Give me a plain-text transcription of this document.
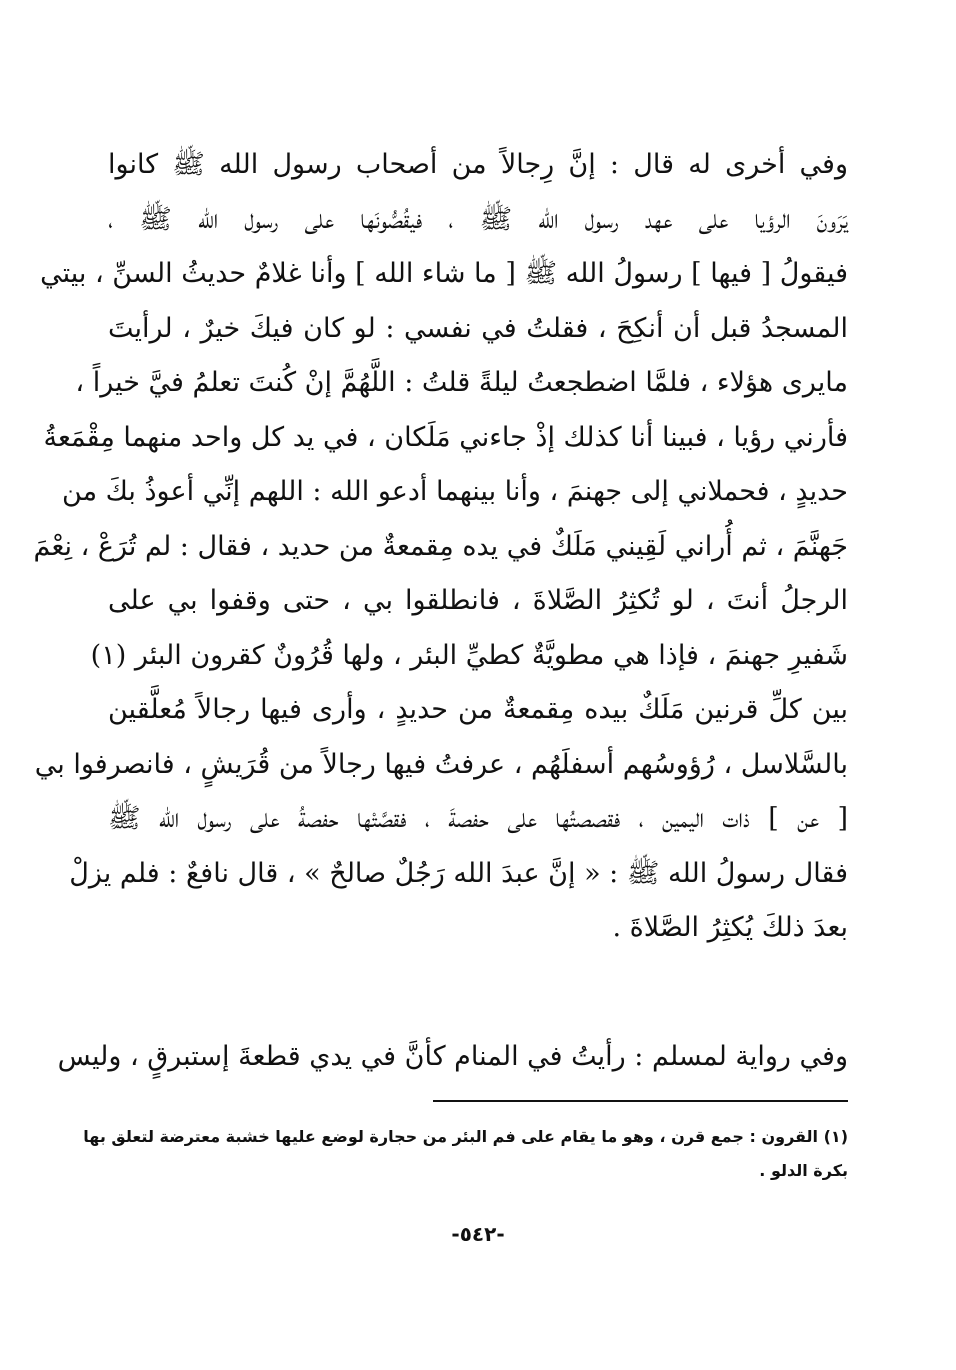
وفي أخرى له قال : إنَّ رِجالاً من أصحاب رسول الله ﷺ كانوا
يَرَونَ الرؤيا على عهد رسول الله ﷺ ، فيقُصُّونَها على رسول الله ﷺ ،
فيقولُ [ فيها ] رسولُ الله ﷺ [ ما شاء الله ] وأنا غلامٌ حديثُ السنِّ ، بيتي
المسجدُ قبل أن أنكِحَ ، فقلتُ في نفسي : لو كان فيكَ خيرٌ ، لرأيتَ
مايرى هؤلاء ، فلمَّا اضطجعتُ ليلةً قلتُ : اللَّهُمَّ إنْ كُنتَ تعلمُ فيَّ خيراً ،
فأرني رؤيا ، فبينا أنا كذلك إذْ جاءني مَلَكان ، في يد كل واحد منهما مِقْمَعةُ
حديدٍ ، فحملاني إلى جهنمَ ، وأنا بينهما أدعو الله : اللهم إنِّي أعوذُ بكَ من
جَهنَّمَ ، ثم أُراني لَقِيني مَلَكٌ في يده مِقمعةٌ من حديد ، فقال : لم تُرَعْ ، نِعْمَ
الرجلُ أنتَ ، لو تُكثِرُ الصَّلاةَ ، فانطلقوا بي ، حتى وقفوا بي على
شَفيرِ جهنمَ ، فإذا هي مطويَّةٌ كطيِّ البئر ، ولها قُرُونٌ كقرون البئر (١)
بين كلِّ قرنين مَلَكٌ بيده مِقمعةٌ من حديدٍ ، وأرى فيها رجالاً مُعلَّقين
بالسَّلاسل ، رُؤوسُهم أسفلَهُم ، عرفتُ فيها رجالاً من قُرَيشٍ ، فانصرفوا بي
[ عن ] ذات اليمين ، فقصصتُها على حفصةَ ، فقصَّتْها حفصةُ على رسول الله ﷺ
فقال رسولُ الله ﷺ : « إنَّ عبدَ الله رَجُلٌ صالحٌ » ، قال نافعٌ : فلم يزلْ
بعدَ ذلكَ يُكثِرُ الصَّلاةَ .
وفي رواية لمسلم : رأيتُ في المنام كأنَّ في يدي قطعةَ إستبرقٍ ، وليس
(١) القرون : جمع قرن ، وهو ما يقام على فم البئر من حجارة لوضع عليها خشبة معترضة لتعلق بها
بكرة الدلو .
-٥٤٢-
